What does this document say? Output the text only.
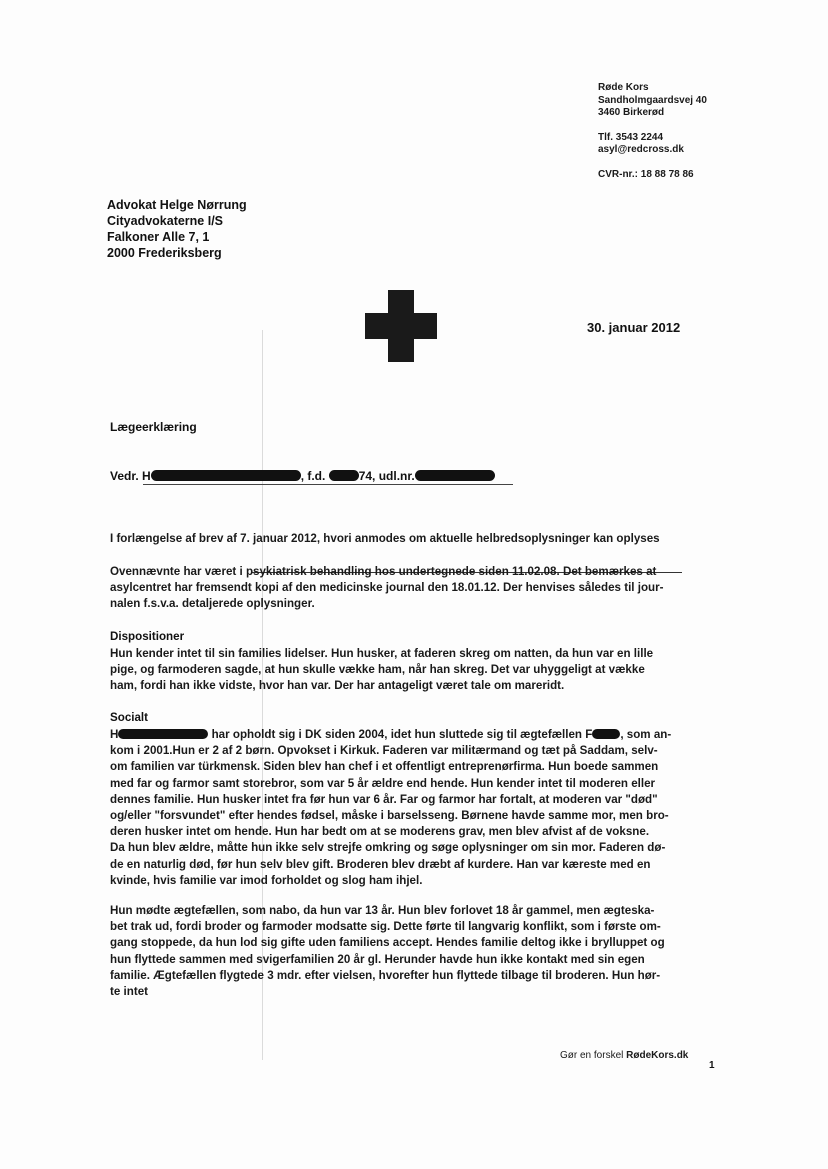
Røde Kors
Sandholmgaardsvej 40
3460 Birkerød
Tlf. 3543 2244
asyl@redcross.dk
CVR-nr.: 18 88 78 86
Advokat Helge Nørrung
Cityadvokaterne I/S
Falkoner Alle 7, 1
2000 Frederiksberg
30. januar 2012
Lægeerklæring
Vedr. H	, f.d.	74, udl.nr.
I forlængelse af brev af 7. januar 2012, hvori anmodes om aktuelle helbredsoplysninger kan oplyses
Ovennævnte har været i psykiatrisk behandling hos undertegnede siden 11.02.08. Det bemærkes at
asylcentret har fremsendt kopi af den medicinske journal den 18.01.12. Der henvises således til jour-
nalen f.s.v.a. detaljerede oplysninger.
Dispositioner
Hun kender intet til sin families lidelser. Hun husker, at faderen skreg om natten, da hun var en lille
pige, og farmoderen sagde, at hun skulle vække ham, når han skreg. Det var uhyggeligt at vække
ham, fordi han ikke vidste, hvor han var. Der har antageligt været tale om mareridt.
Socialt
H	har opholdt sig i DK siden 2004, idet hun sluttede sig til ægtefællen F , som an-
kom i 2001.Hun er 2 af 2 børn. Opvokset i Kirkuk. Faderen var militærmand og tæt på Saddam, selv-
om familien var türkmensk. Siden blev han chef i et offentligt entreprenørfirma. Hun boede sammen
med far og farmor samt storebror, som var 5 år ældre end hende. Hun kender intet til moderen eller
dennes familie. Hun husker intet fra før hun var 6 år. Far og farmor har fortalt, at moderen var "død"
og/eller "forsvundet" efter hendes fødsel, måske i barselsseng. Børnene havde samme mor, men bro-
deren husker intet om hende. Hun har bedt om at se moderens grav, men blev afvist af de voksne.
Da hun blev ældre, måtte hun ikke selv strejfe omkring og søge oplysninger om sin mor. Faderen dø-
de en naturlig død, før hun selv blev gift. Broderen blev dræbt af kurdere. Han var kæreste med en
kvinde, hvis familie var imod forholdet og slog ham ihjel.
Hun mødte ægtefællen, som nabo, da hun var 13 år. Hun blev forlovet 18 år gammel, men ægteska-
bet trak ud, fordi broder og farmoder modsatte sig. Dette førte til langvarig konflikt, som i første om-
gang stoppede, da hun lod sig gifte uden familiens accept. Hendes familie deltog ikke i brylluppet og
hun flyttede sammen med svigerfamilien 20 år gl. Herunder havde hun ikke kontakt med sin egen
familie. Ægtefællen flygtede 3 mdr. efter vielsen, hvorefter hun flyttede tilbage til broderen. Hun hør-
te intet
Gør en forskel RødeKors.dk
1
